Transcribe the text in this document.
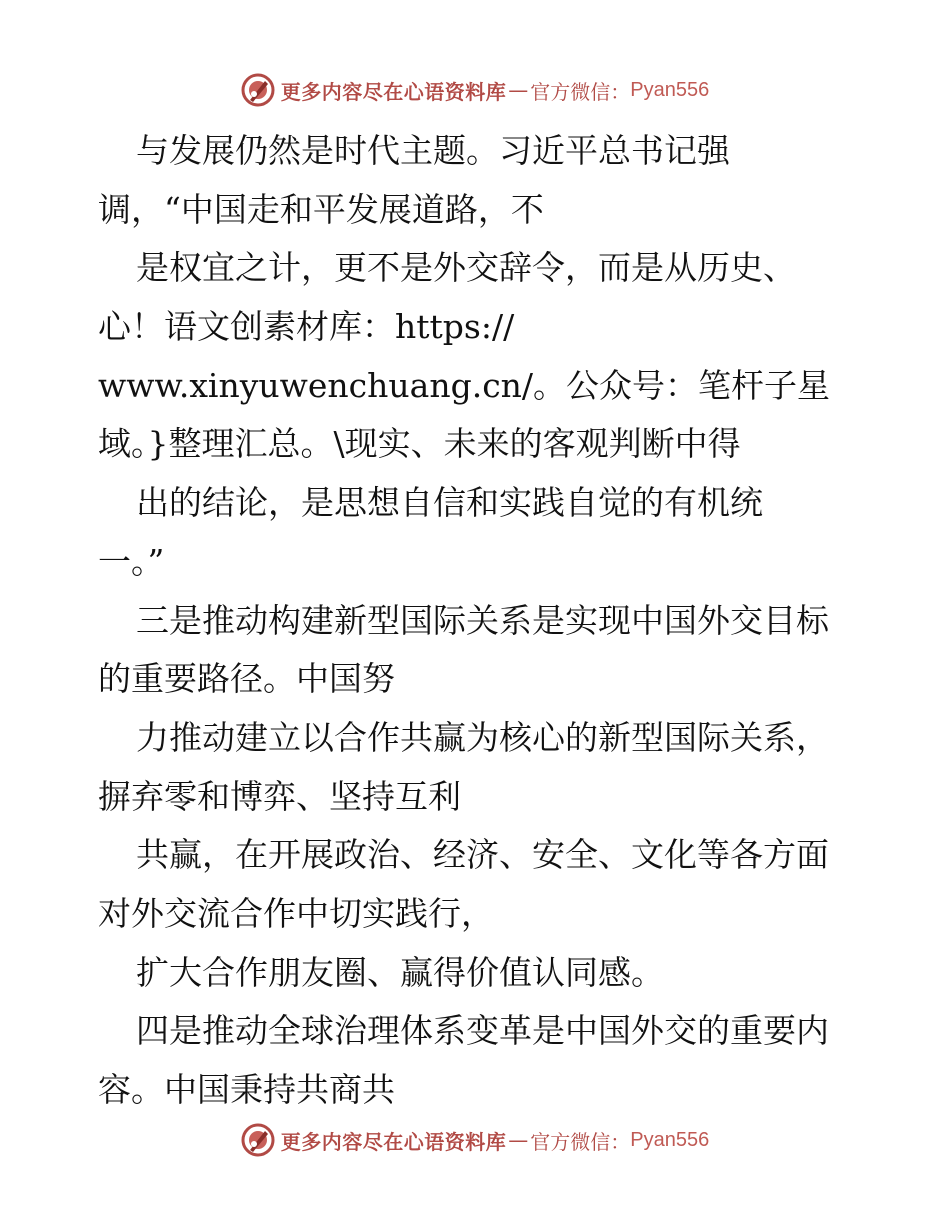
更多内容尽在心语资料库 — 官方微信： Pyan556
与发展仍然是时代主题。习近平总书记强
调，“中国走和平发展道路，不
是权宜之计，更不是外交辞令，而是从历史、
心！语文创素材库：https://
www.xinyuwenchuang.cn/。公众号：笔杆子星
域。}整理汇总。\现实、未来的客观判断中得
出的结论，是思想自信和实践自觉的有机统
一。”
三是推动构建新型国际关系是实现中国外交目标
的重要路径。中国努
力推动建立以合作共赢为核心的新型国际关系，
摒弃零和博弈、坚持互利
共赢，在开展政治、经济、安全、文化等各方面
对外交流合作中切实践行，
扩大合作朋友圈、赢得价值认同感。
四是推动全球治理体系变革是中国外交的重要内
容。中国秉持共商共
更多内容尽在心语资料库 — 官方微信： Pyan556
